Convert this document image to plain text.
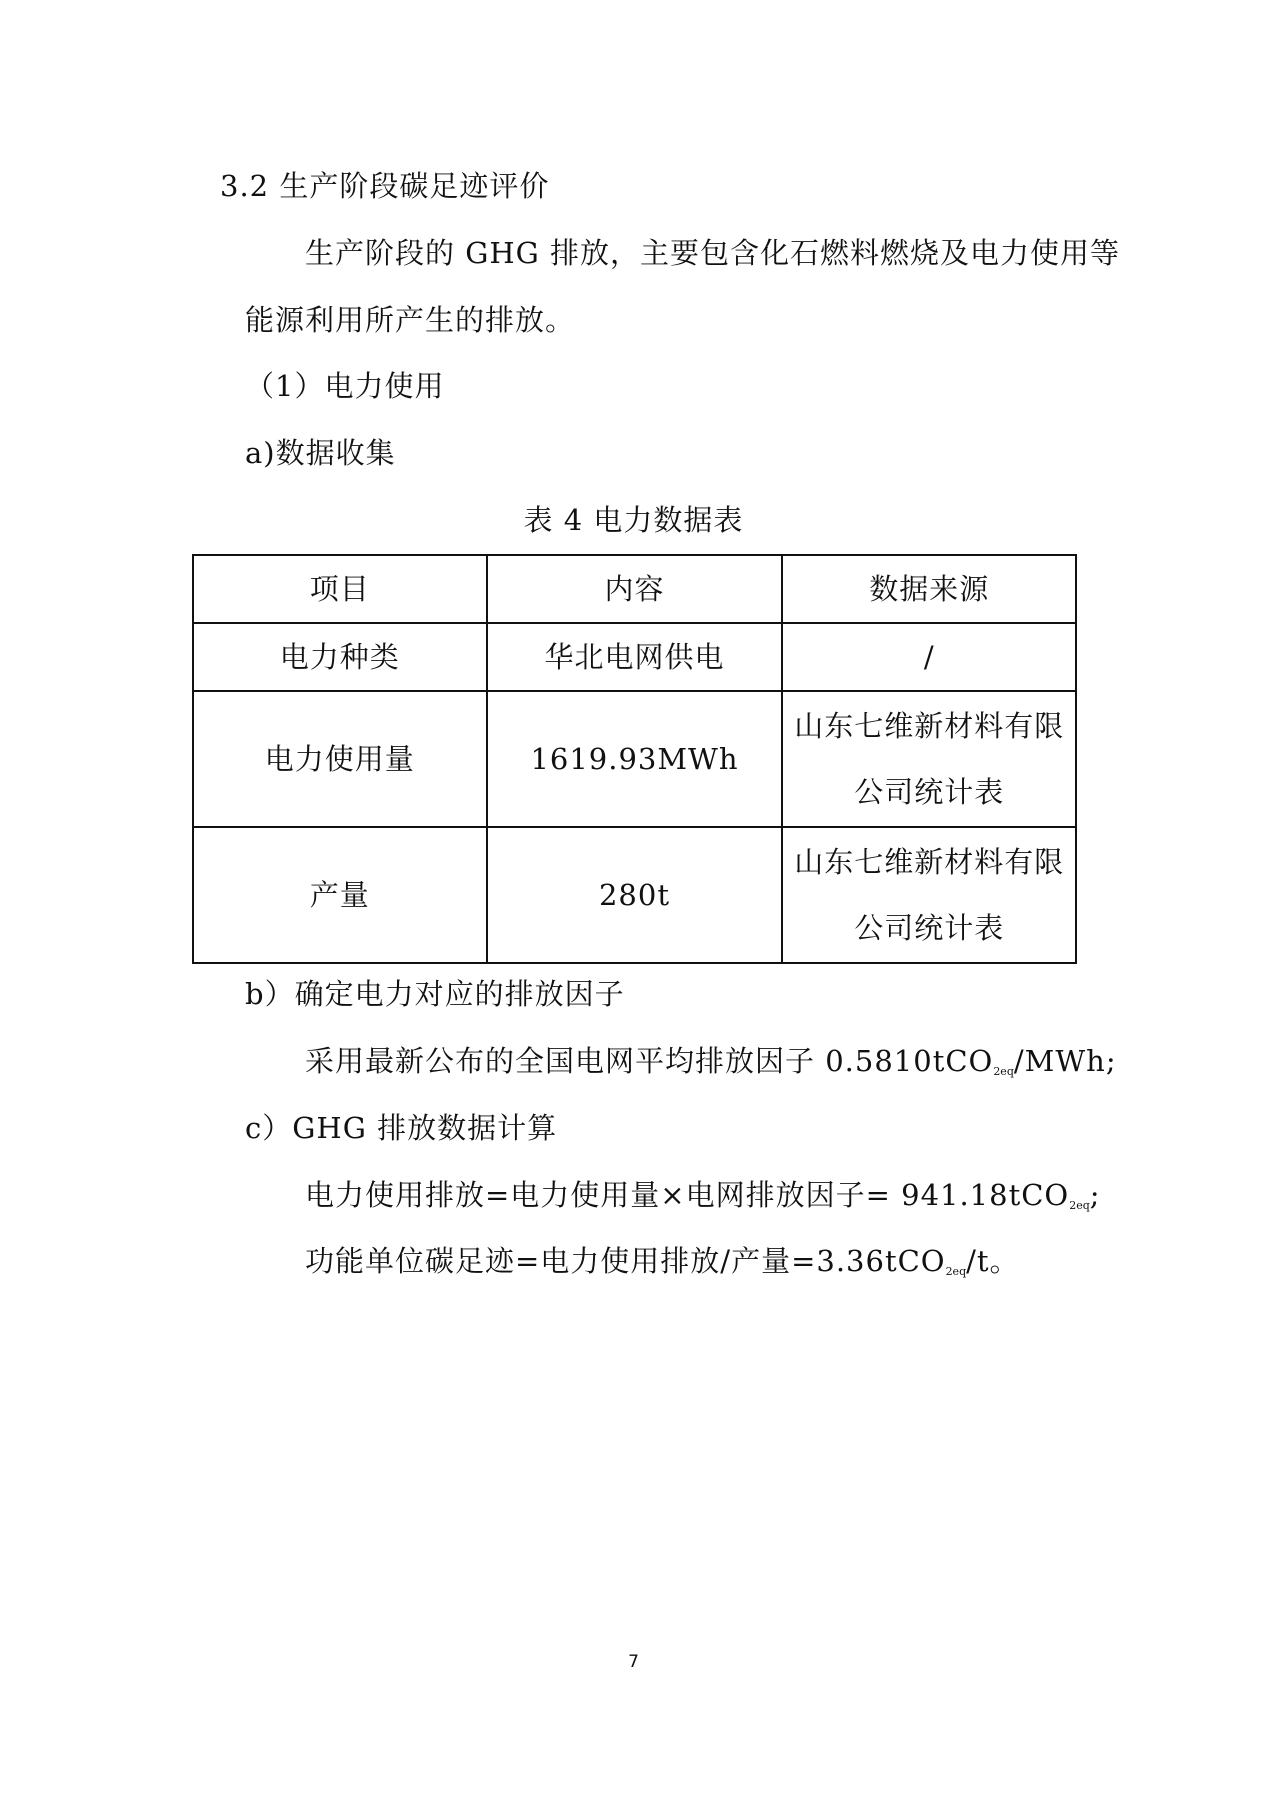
3.2 生产阶段碳足迹评价
生产阶段的 GHG 排放，主要包含化石燃料燃烧及电力使用等
能源利用所产生的排放。
（1）电力使用
a)数据收集
表 4 电力数据表
项目	内容	数据来源
电力种类	华北电网供电	/
电力使用量	1619.93MWh	山东七维新材料有限
公司统计表
产量	280t	山东七维新材料有限
公司统计表
b）确定电力对应的排放因子
采用最新公布的全国电网平均排放因子 0.5810tCO$_{2eq}$/MWh;
c）GHG 排放数据计算
电力使用排放=电力使用量×电网排放因子= 941.18tCO$_{2eq}$;
功能单位碳足迹=电力使用排放/产量=3.36tCO$_{2eq}$/t。
7
